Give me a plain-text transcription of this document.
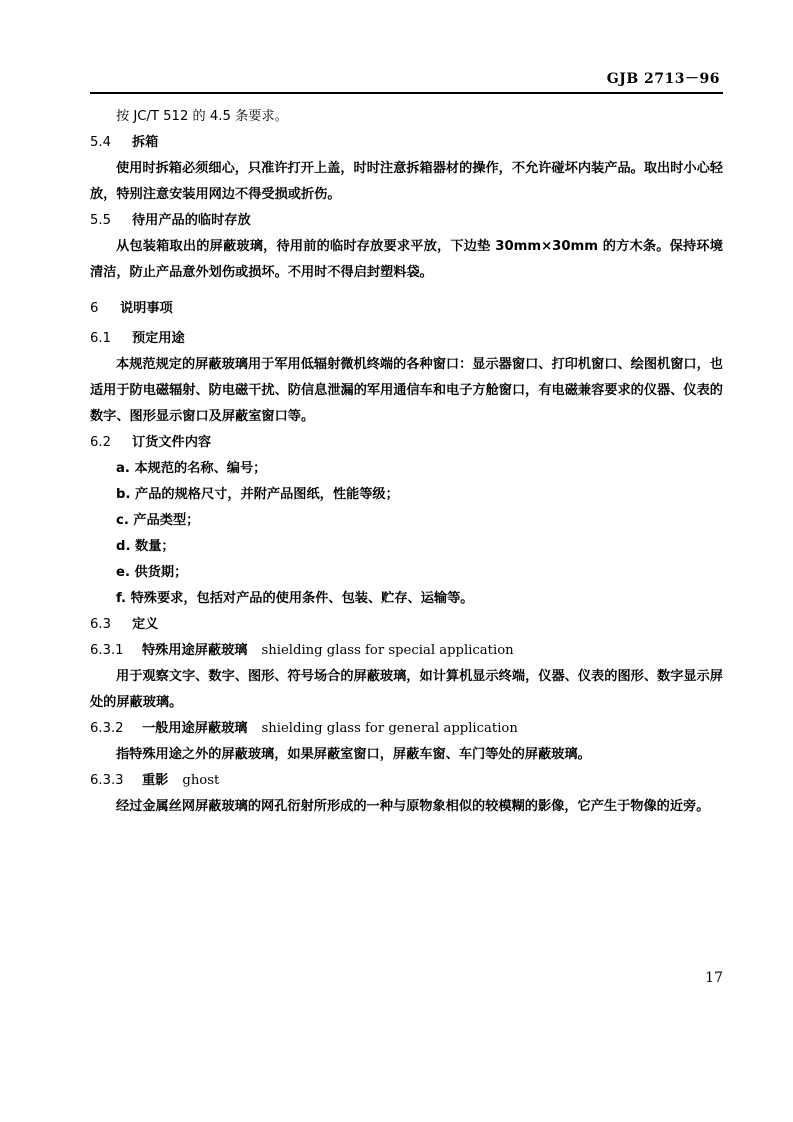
GJB 2713－96

按 JC/T 512 的 4.5 条要求。

5.4	拆箱

使用时拆箱必须细心，只准许打开上盖，时时注意拆箱器材的操作，不允许碰坏内装产品。取出时小心轻放，特别注意安装用网边不得受损或折伤。

5.5	待用产品的临时存放

从包装箱取出的屏蔽玻璃，待用前的临时存放要求平放，下边垫 30mm×30mm 的方木条。保持环境清洁，防止产品意外划伤或损坏。不用时不得启封塑料袋。

6	说明事项
6.1	预定用途

本规范规定的屏蔽玻璃用于军用低辐射微机终端的各种窗口：显示器窗口、打印机窗口、绘图机窗口，也适用于防电磁辐射、防电磁干扰、防信息泄漏的军用通信车和电子方舱窗口，有电磁兼容要求的仪器、仪表的数字、图形显示窗口及屏蔽室窗口等。

6.2	订货文件内容

a. 本规范的名称、编号；

b. 产品的规格尺寸，并附产品图纸，性能等级；

c. 产品类型；

d. 数量；

e. 供货期；

f. 特殊要求，包括对产品的使用条件、包装、贮存、运输等。

6.3	定义
6.3.1	特殊用途屏蔽玻璃 shielding glass for special application

用于观察文字、数字、图形、符号场合的屏蔽玻璃，如计算机显示终端，仪器、仪表的图形、数字显示屏处的屏蔽玻璃。

6.3.2	一般用途屏蔽玻璃 shielding glass for general application

指特殊用途之外的屏蔽玻璃，如果屏蔽室窗口，屏蔽车窗、车门等处的屏蔽玻璃。

6.3.3	重影 ghost

经过金属丝网屏蔽玻璃的网孔衍射所形成的一种与原物象相似的较模糊的影像，它产生于物像的近旁。

17
